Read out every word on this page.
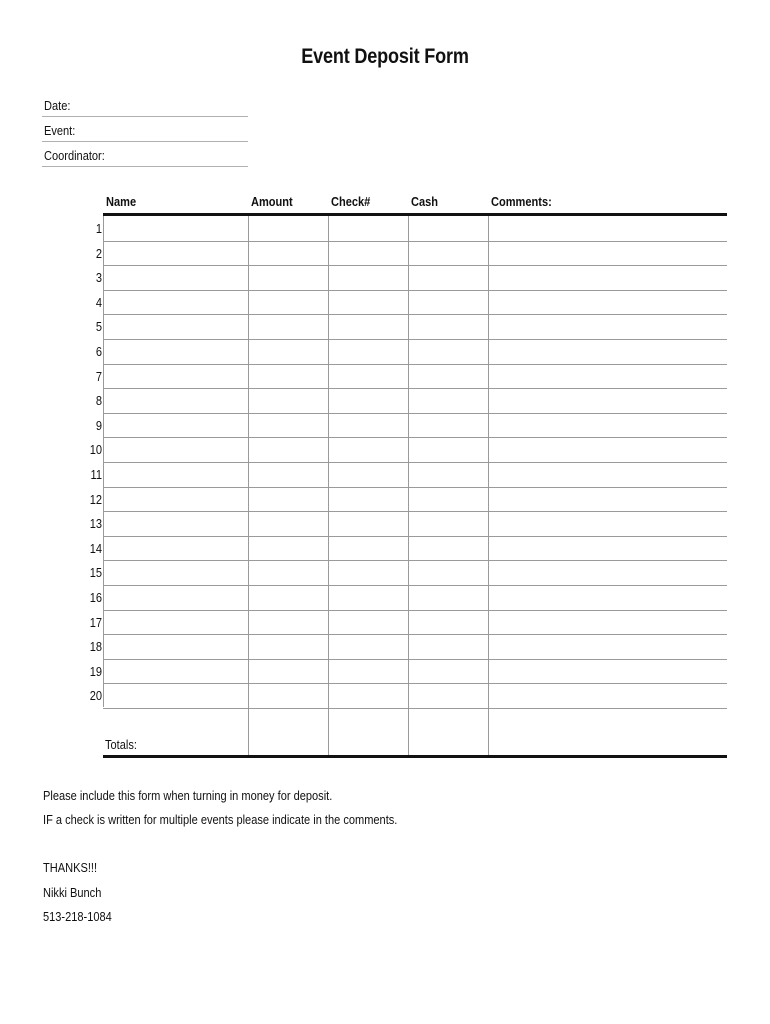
Event Deposit Form
Date:
Event:
Coordinator:
Name	Amount	Check#	Cash	Comments:
1
2
3
4
5
6
7
8
9
10
11
12
13
14
15
16
17
18
19
20
Totals:
Please include this form when turning in money for deposit.
IF a check is written for multiple events please indicate in the comments.
THANKS!!!
Nikki Bunch
513-218-1084
